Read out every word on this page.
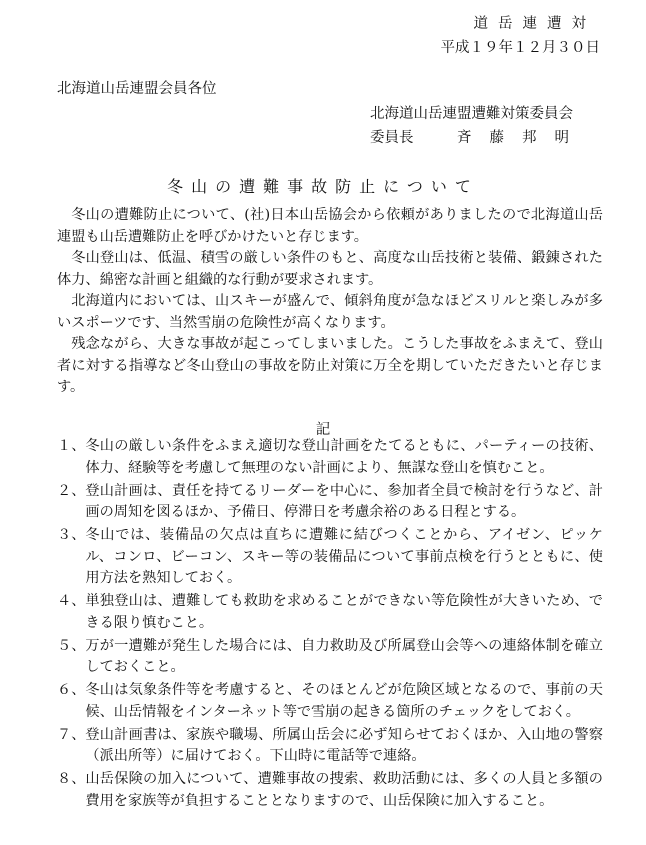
道岳連遭対
平成１９年１２月３０日
北海道山岳連盟会員各位
北海道山岳連盟遭難対策委員会
委員長	斉藤邦明
冬山の遭難事故防止について

冬山の遭難防止について、(社)日本山岳協会から依頼がありましたので北海道山岳連盟も山岳遭難防止を呼びかけたいと存じます。

冬山登山は、低温、積雪の厳しい条件のもと、高度な山岳技術と装備、鍛錬された体力、綿密な計画と組織的な行動が要求されます。

北海道内においては、山スキーが盛んで、傾斜角度が急なほどスリルと楽しみが多いスポーツです、当然雪崩の危険性が高くなります。

残念ながら、大きな事故が起こってしまいました。こうした事故をふまえて、登山者に対する指導など冬山登山の事故を防止対策に万全を期していただきたいと存じます。

記
１、 冬山の厳しい条件をふまえ適切な登山計画をたてるともに、パーティーの技術、体力、経験等を考慮して無理のない計画により、無謀な登山を慎むこと。
２、 登山計画は、責任を持てるリーダーを中心に、参加者全員で検討を行うなど、計画の周知を図るほか、予備日、停滞日を考慮余裕のある日程とする。
３、 冬山では、装備品の欠点は直ちに遭難に結びつくことから、アイゼン、ピッケル、コンロ、ビーコン、スキー等の装備品について事前点検を行うとともに、使用方法を熟知しておく。
４、 単独登山は、遭難しても救助を求めることができない等危険性が大きいため、できる限り慎むこと。
５、 万が一遭難が発生した場合には、自力救助及び所属登山会等への連絡体制を確立しておくこと。
６、 冬山は気象条件等を考慮すると、そのほとんどが危険区域となるので、事前の天候、山岳情報をインターネット等で雪崩の起きる箇所のチェックをしておく。
７、 登山計画書は、家族や職場、所属山岳会に必ず知らせておくほか、入山地の警察（派出所等）に届けておく。下山時に電話等で連絡。
８、 山岳保険の加入について、遭難事故の捜索、救助活動には、多くの人員と多額の費用を家族等が負担することとなりますので、山岳保険に加入すること。
